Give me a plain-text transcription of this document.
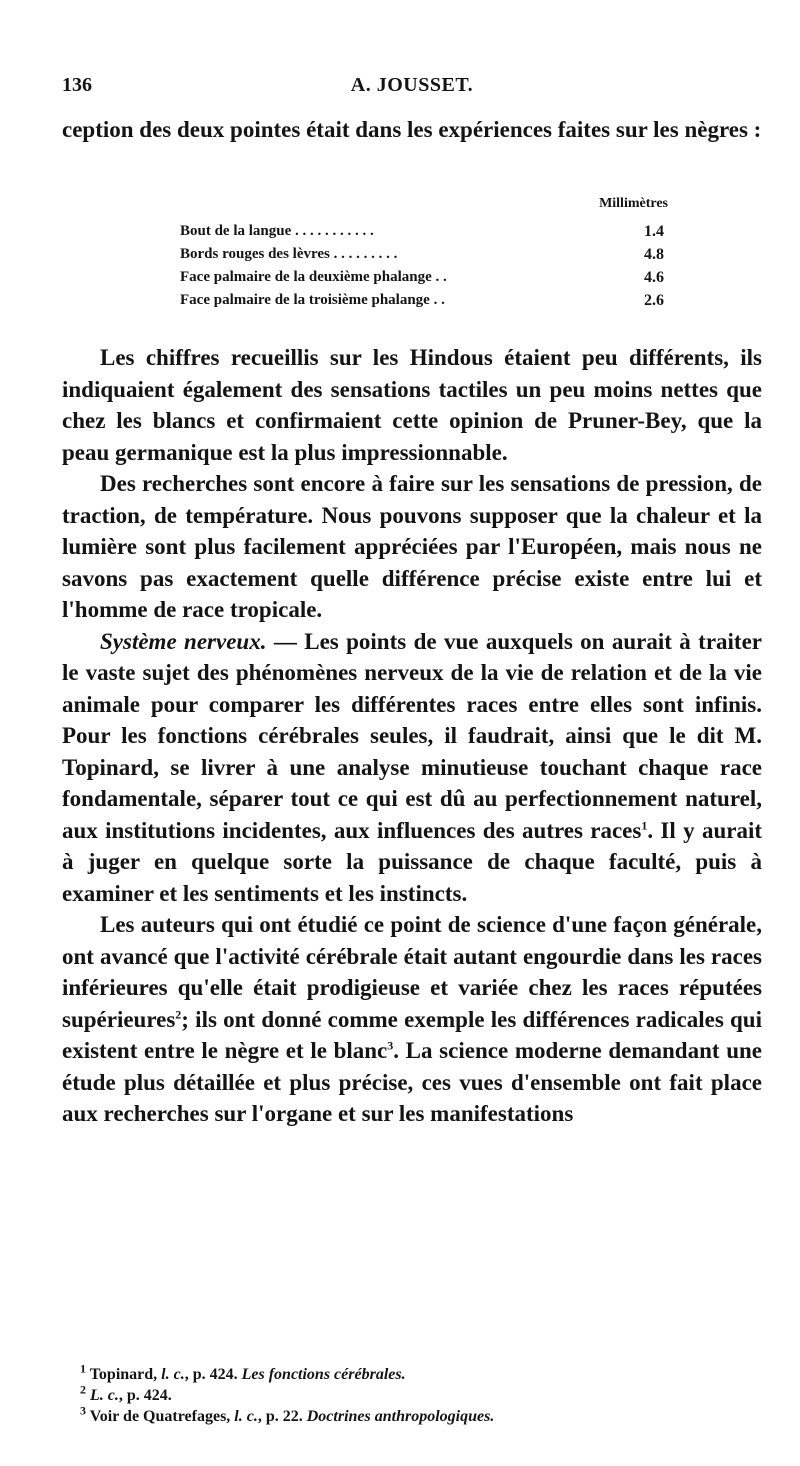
136	A. JOUSSET.
ception des deux pointes était dans les expériences faites sur les nègres :
Millimètres
Bout de la langue . . . . . . . . . . .	1.4
Bords rouges des lèvres . . . . . . . . .	4.8
Face palmaire de la deuxième phalange . .	4.6
Face palmaire de la troisième phalange . .	2.6

Les chiffres recueillis sur les Hindous étaient peu différents, ils indiquaient également des sensations tactiles un peu moins nettes que chez les blancs et confirmaient cette opinion de Pruner-Bey, que la peau germanique est la plus impressionnable.

Des recherches sont encore à faire sur les sensations de pression, de traction, de température. Nous pouvons supposer que la chaleur et la lumière sont plus facilement appréciées par l'Européen, mais nous ne savons pas exactement quelle différence précise existe entre lui et l'homme de race tropicale.

Système nerveux. — Les points de vue auxquels on aurait à traiter le vaste sujet des phénomènes nerveux de la vie de relation et de la vie animale pour comparer les différentes races entre elles sont infinis. Pour les fonctions cérébrales seules, il faudrait, ainsi que le dit M. Topinard, se livrer à une analyse minutieuse touchant chaque race fondamentale, séparer tout ce qui est dû au perfectionnement naturel, aux institutions incidentes, aux influences des autres races$^1$. Il y aurait à juger en quelque sorte la puissance de chaque faculté, puis à examiner et les sentiments et les instincts.

Les auteurs qui ont étudié ce point de science d'une façon générale, ont avancé que l'activité cérébrale était autant engourdie dans les races inférieures qu'elle était prodigieuse et variée chez les races réputées supérieures$^2$; ils ont donné comme exemple les différences radicales qui existent entre le nègre et le blanc$^3$. La science moderne demandant une étude plus détaillée et plus précise, ces vues d'ensemble ont fait place aux recherches sur l'organe et sur les manifestations

$^1$ Topinard, l. c., p. 424. Les fonctions cérébrales.
$^2$ L. c., p. 424.
$^3$ Voir de Quatrefages, l. c., p. 22. Doctrines anthropologiques.
